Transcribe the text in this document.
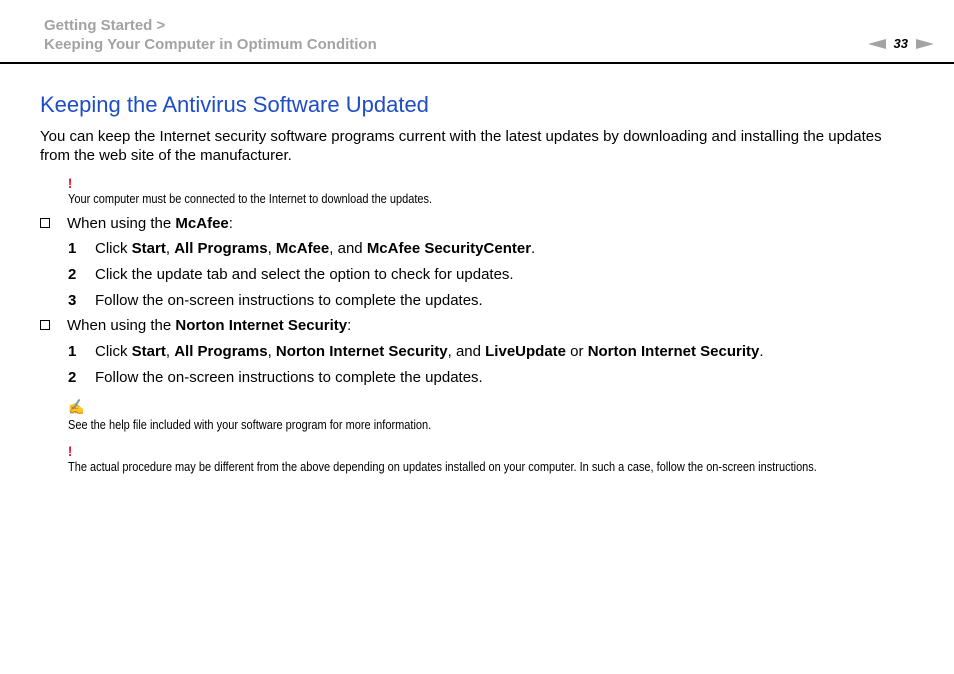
Getting Started >
Keeping Your Computer in Optimum Condition	33
Keeping the Antivirus Software Updated
You can keep the Internet security software programs current with the latest updates by downloading and installing the updates from the web site of the manufacturer.
!
Your computer must be connected to the Internet to download the updates.
When using the McAfee:
1	Click Start, All Programs, McAfee, and McAfee SecurityCenter.
2	Click the update tab and select the option to check for updates.
3	Follow the on-screen instructions to complete the updates.
When using the Norton Internet Security:
1	Click Start, All Programs, Norton Internet Security, and LiveUpdate or Norton Internet Security.
2	Follow the on-screen instructions to complete the updates.
✍
See the help file included with your software program for more information.
!
The actual procedure may be different from the above depending on updates installed on your computer. In such a case, follow the on-screen instructions.
